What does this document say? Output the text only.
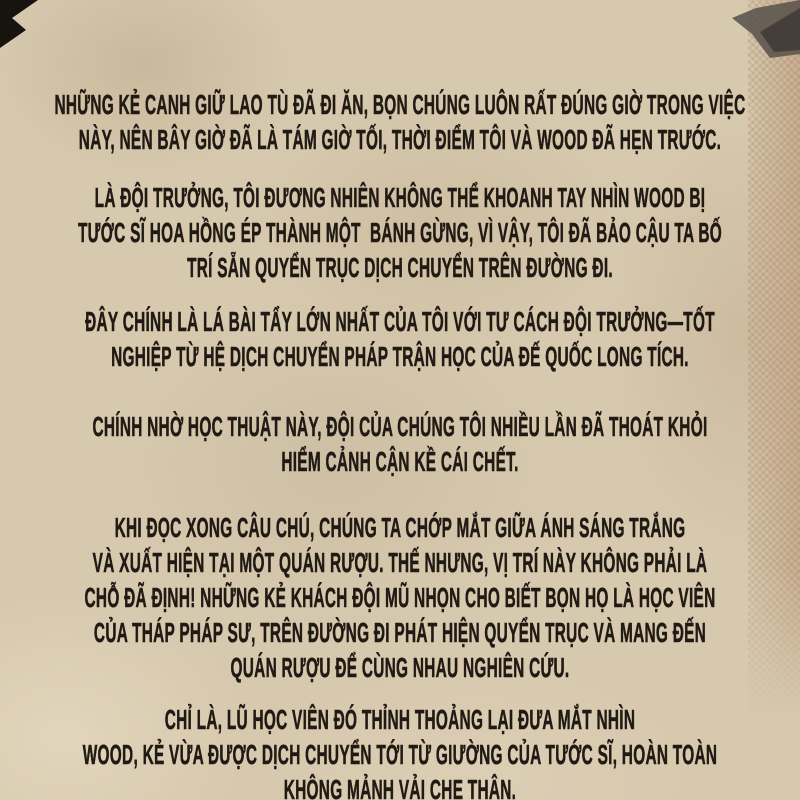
NHỮNG KẺ CANH GIỮ LAO TÙ ĐÃ ĐI ĂN, BỌN CHÚNG LUÔN RẤT ĐÚNG GIỜ TRONG VIỆC
NÀY, NÊN BÂY GIỜ ĐÃ LÀ TÁM GIỜ TỐI, THỜI ĐIỂM TÔI VÀ WOOD ĐÃ HẸN TRƯỚC.
LÀ ĐỘI TRƯỞNG, TÔI ĐƯƠNG NHIÊN KHÔNG THỂ KHOANH TAY NHÌN WOOD BỊ
TƯỚC SĨ HOA HỒNG ÉP THÀNH MỘT  BÁNH GỪNG, VÌ VẬY, TÔI ĐÃ BẢO CẬU TA BỐ
TRÍ SẴN QUYỂN TRỤC DỊCH CHUYỂN TRÊN ĐƯỜNG ĐI.
ĐÂY CHÍNH LÀ LÁ BÀI TẨY LỚN NHẤT CỦA TÔI VỚI TƯ CÁCH ĐỘI TRƯỞNG—TỐT
NGHIỆP TỪ HỆ DỊCH CHUYỂN PHÁP TRẬN HỌC CỦA ĐẾ QUỐC LONG TÍCH.
CHÍNH NHỜ HỌC THUẬT NÀY, ĐỘI CỦA CHÚNG TÔI NHIỀU LẦN ĐÃ THOÁT KHỎI
HIỂM CẢNH CẬN KỀ CÁI CHẾT.
KHI ĐỌC XONG CÂU CHÚ, CHÚNG TA CHỚP MẮT GIỮA ÁNH SÁNG TRẮNG
VÀ XUẤT HIỆN TẠI MỘT QUÁN RƯỢU. THẾ NHƯNG, VỊ TRÍ NÀY KHÔNG PHẢI LÀ
CHỖ ĐÃ ĐỊNH! NHỮNG KẺ KHÁCH ĐỘI MŨ NHỌN CHO BIẾT BỌN HỌ LÀ HỌC VIÊN
CỦA THÁP PHÁP SƯ, TRÊN ĐƯỜNG ĐI PHÁT HIỆN QUYỂN TRỤC VÀ MANG ĐẾN
QUÁN RƯỢU ĐỂ CÙNG NHAU NGHIÊN CỨU.
CHỈ LÀ, LŨ HỌC VIÊN ĐÓ THỈNH THOẢNG LẠI ĐƯA MẮT NHÌN
WOOD, KẺ VỪA ĐƯỢC DỊCH CHUYỂN TỚI TỪ GIƯỜNG CỦA TƯỚC SĨ, HOÀN TOÀN
KHÔNG MẢNH VẢI CHE THÂN.
